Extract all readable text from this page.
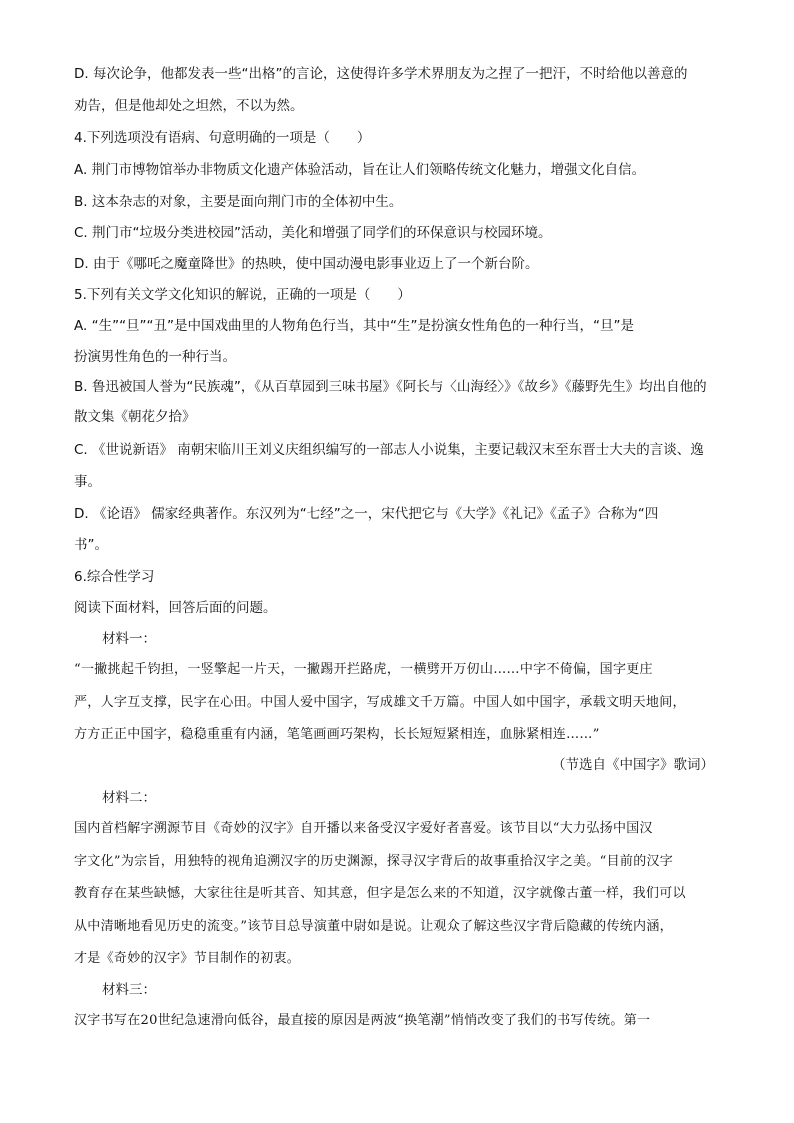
D. 每次论争，他都发表一些“出格”的言论，这使得许多学术界朋友为之捏了一把汗，不时给他以善意的
劝告，但是他却处之坦然，不以为然。
4.下列选项没有语病、句意明确的一项是（　　）
A. 荆门市博物馆举办非物质文化遗产体验活动，旨在让人们领略传统文化魅力，增强文化自信。
B. 这本杂志的对象，主要是面向荆门市的全体初中生。
C. 荆门市“垃圾分类进校园”活动，美化和增强了同学们的环保意识与校园环境。
D. 由于《哪吒之魔童降世》的热映，使中国动漫电影事业迈上了一个新台阶。
5.下列有关文学文化知识的解说，正确的一项是（　　）
A. “生”“旦”“丑”是中国戏曲里的人物角色行当，其中“生”是扮演女性角色的一种行当，“旦”是
扮演男性角色的一种行当。
B. 鲁迅被国人誉为“民族魂”，《从百草园到三味书屋》《阿长与〈山海经〉》《故乡》《藤野先生》均出自他的
散文集《朝花夕拾》
C. 《世说新语》 南朝宋临川王刘义庆组织编写的一部志人小说集，主要记载汉末至东晋士大夫的言谈、逸
事。
D. 《论语》 儒家经典著作。东汉列为“七经”之一，宋代把它与《大学》《礼记》《孟子》合称为“四
书”。
6.综合性学习
阅读下面材料，回答后面的问题。
材料一：
“一撇挑起千钧担，一竖擎起一片天，一撇踢开拦路虎，一横劈开万仞山……中字不倚偏，国字更庄
严，人字互支撑，民字在心田。中国人爱中国字，写成雄文千万篇。中国人如中国字，承载文明天地间，
方方正正中国字，稳稳重重有内涵，笔笔画画巧架构，长长短短紧相连，血脉紧相连……”
（节选自《中国字》歌词）
材料二：
国内首档解字溯源节目《奇妙的汉字》自开播以来备受汉字爱好者喜爱。该节目以“大力弘扬中国汉
字文化”为宗旨，用独特的视角追溯汉字的历史渊源，探寻汉字背后的故事重拾汉字之美。“目前的汉字
教育存在某些缺憾，大家往往是听其音、知其意，但字是怎么来的不知道，汉字就像古董一样，我们可以
从中清晰地看见历史的流变。”该节目总导演董中尉如是说。让观众了解这些汉字背后隐藏的传统内涵，
才是《奇妙的汉字》节目制作的初衷。
材料三：
汉字书写在20世纪急速滑向低谷，最直接的原因是两波“换笔潮”悄悄改变了我们的书写传统。第一
